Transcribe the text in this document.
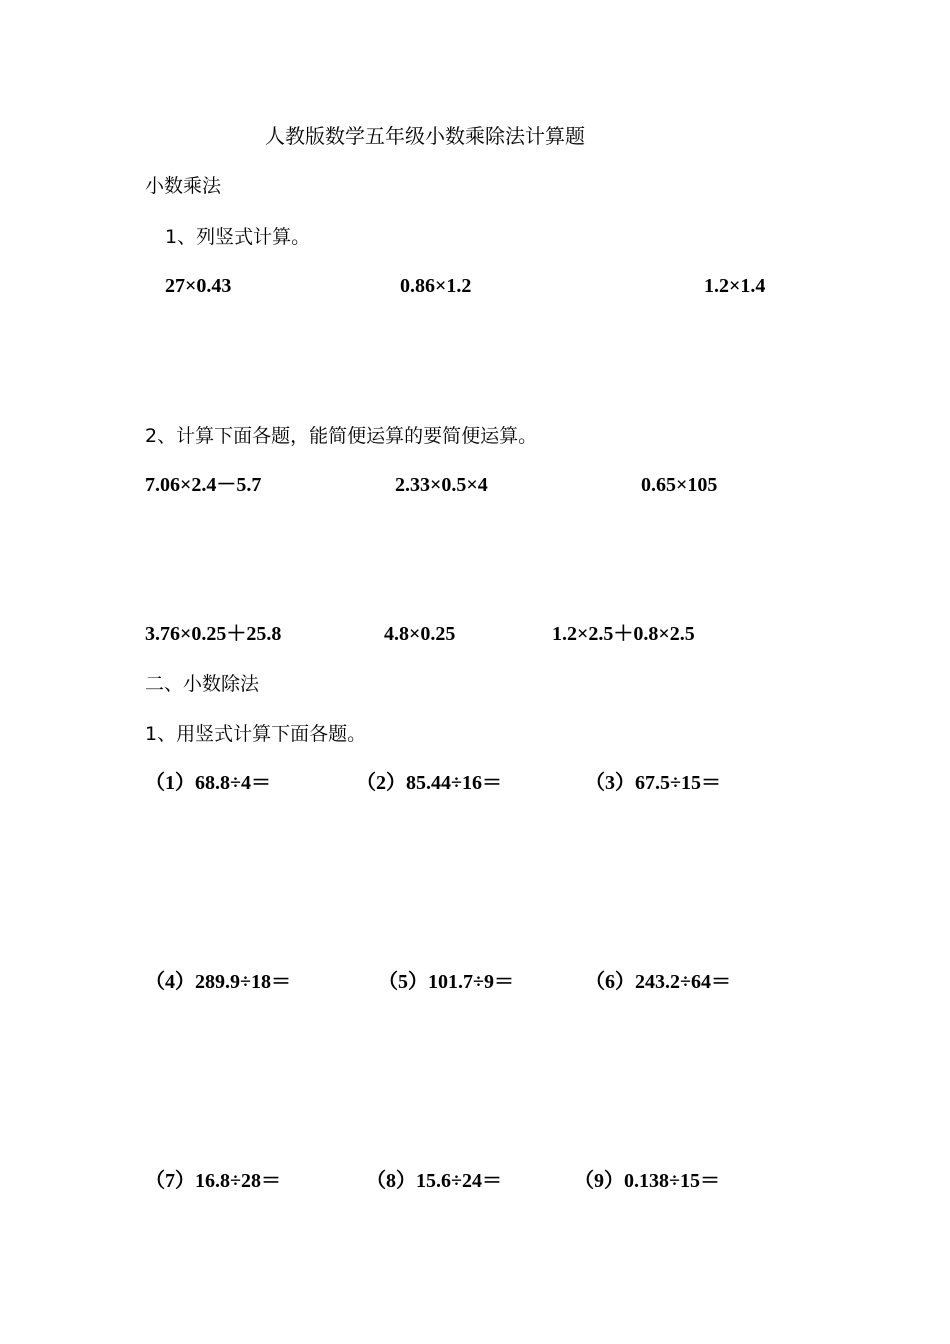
人教版数学五年级小数乘除法计算题
小数乘法
1、列竖式计算。
27×0.43	0.86×1.2	1.2×1.4
2、计算下面各题，能简便运算的要简便运算。
7.06×2.4－5.7	2.33×0.5×4	0.65×105
3.76×0.25＋25.8	4.8×0.25	1.2×2.5＋0.8×2.5
二、小数除法
1、用竖式计算下面各题。
（1）68.8÷4＝	（2）85.44÷16＝	（3）67.5÷15＝
（4）289.9÷18＝	（5）101.7÷9＝	（6）243.2÷64＝
（7）16.8÷28＝	（8）15.6÷24＝	（9）0.138÷15＝
